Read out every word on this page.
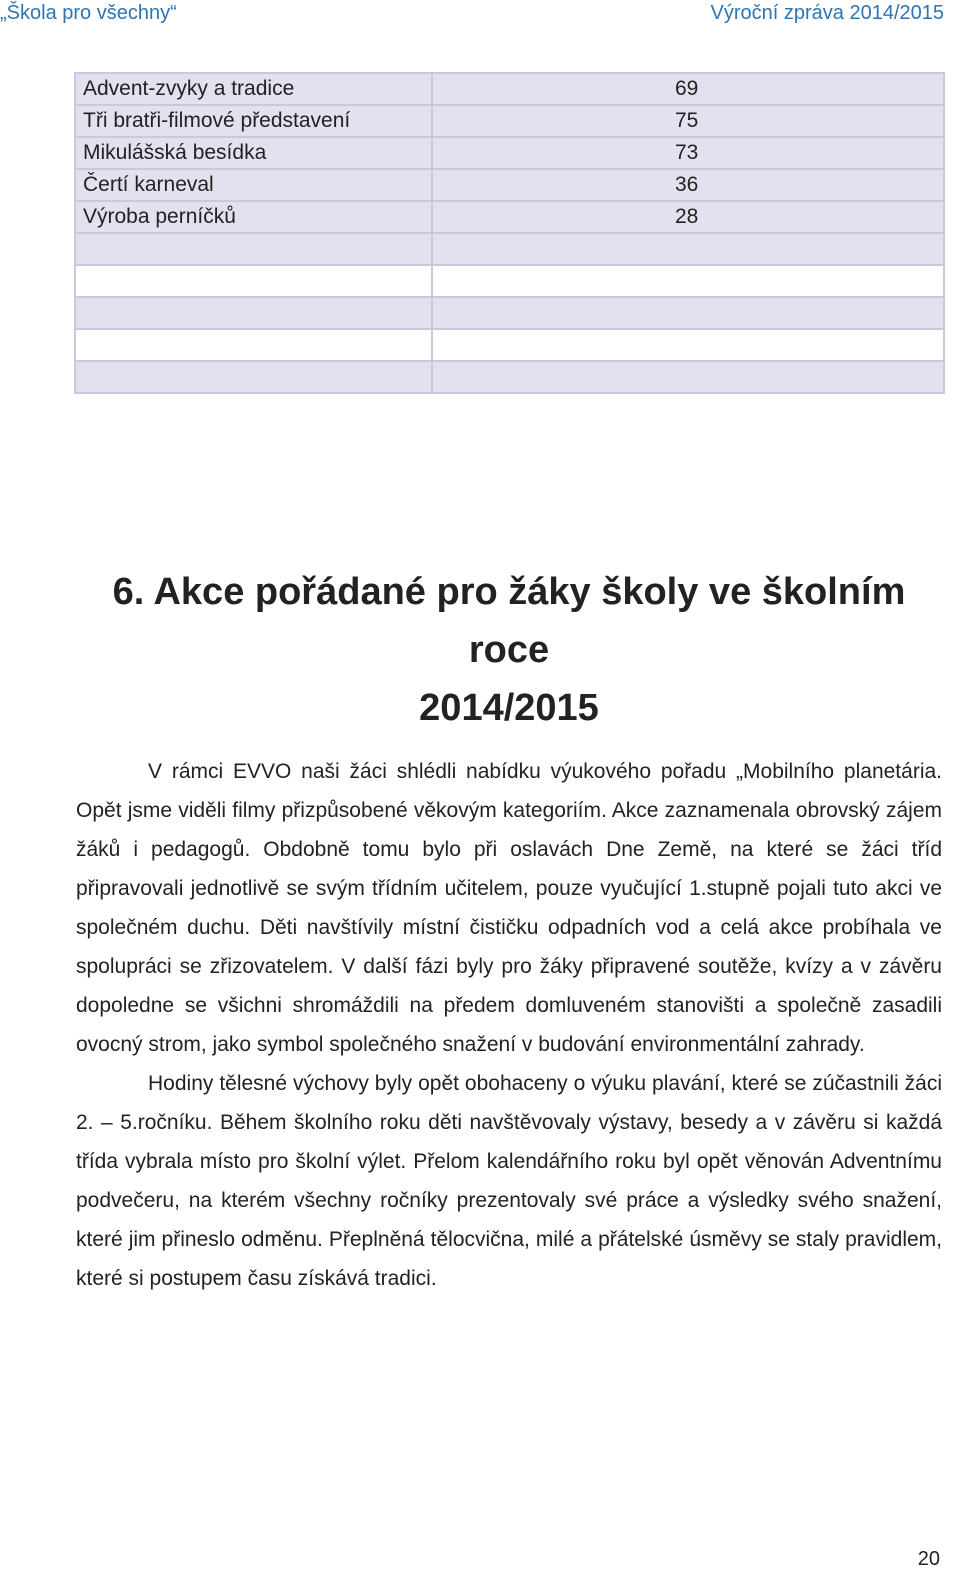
„Škola pro všechny“	Výroční zpráva 2014/2015
Advent-zvyky a tradice	69
Tři bratři-filmové představení	75
Mikulášská besídka	73
Čertí karneval	36
Výroba perníčků	28

6. Akce pořádané pro žáky školy ve školním roce
2014/2015

V rámci EVVO naši žáci shlédli nabídku výukového pořadu „Mobilního planetária. Opět jsme viděli filmy přizpůsobené věkovým kategoriím. Akce zaznamenala obrovský zájem žáků i pedagogů. Obdobně tomu bylo při oslavách Dne Země, na které se žáci tříd připravovali jednotlivě se svým třídním učitelem, pouze vyučující 1.stupně pojali tuto akci ve společném duchu. Děti navštívily místní čističku odpadních vod a celá akce probíhala ve spolupráci se zřizovatelem. V další fázi byly pro žáky připravené soutěže, kvízy a v závěru dopoledne se všichni shromáždili na předem domluveném stanovišti a společně zasadili ovocný strom, jako symbol společného snažení v budování environmentální zahrady.

Hodiny tělesné výchovy byly opět obohaceny o výuku plavání, které se zúčastnili žáci 2. – 5.ročníku. Během školního roku děti navštěvovaly výstavy, besedy a v závěru si každá třída vybrala místo pro školní výlet. Přelom kalendářního roku byl opět věnován Adventnímu podvečeru, na kterém všechny ročníky prezentovaly své práce a výsledky svého snažení, které jim přineslo odměnu. Přeplněná tělocvična, milé a přátelské úsměvy se staly pravidlem, které si postupem času získává tradici.

20
